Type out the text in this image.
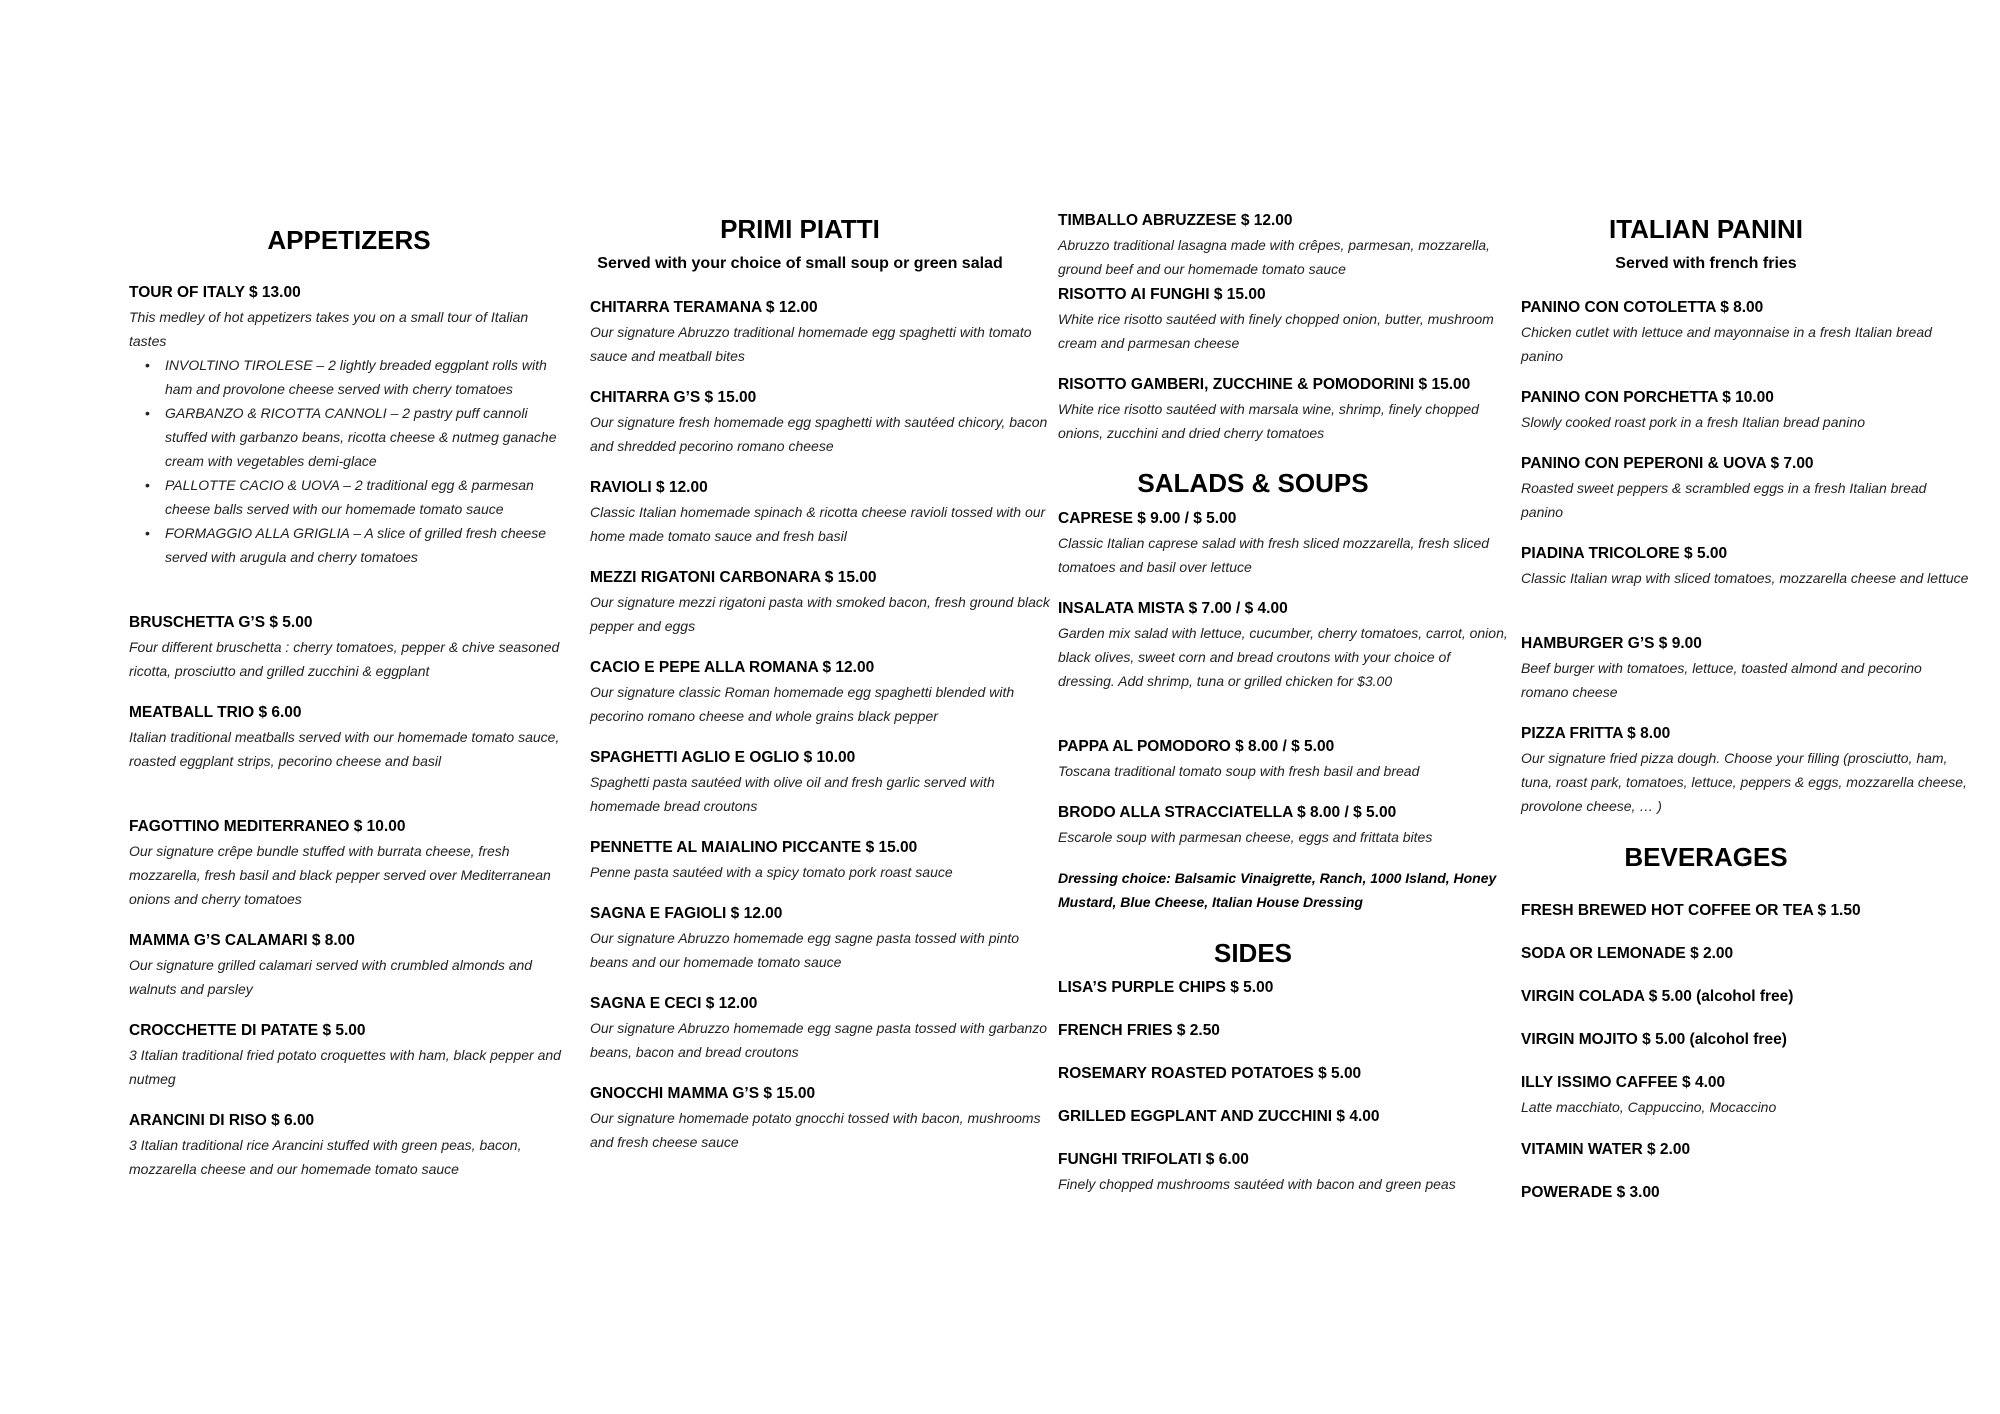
APPETIZERS
TOUR OF ITALY $ 13.00
This medley of hot appetizers takes you on a small tour of Italian tastes
• INVOLTINO TIROLESE – 2 lightly breaded eggplant rolls with ham and provolone cheese served with cherry tomatoes
• GARBANZO & RICOTTA CANNOLI – 2 pastry puff cannoli stuffed with garbanzo beans, ricotta cheese & nutmeg ganache cream with vegetables demi-glace
• PALLOTTE CACIO & UOVA – 2 traditional egg & parmesan cheese balls served with our homemade tomato sauce
• FORMAGGIO ALLA GRIGLIA – A slice of grilled fresh cheese served with arugula and cherry tomatoes
BRUSCHETTA G’S $ 5.00
Four different bruschetta : cherry tomatoes, pepper & chive seasoned ricotta, prosciutto and grilled zucchini & eggplant
MEATBALL TRIO $ 6.00
Italian traditional meatballs served with our homemade tomato sauce, roasted eggplant strips, pecorino cheese and basil
FAGOTTINO MEDITERRANEO $ 10.00
Our signature crêpe bundle stuffed with burrata cheese, fresh mozzarella, fresh basil and black pepper served over Mediterranean onions and cherry tomatoes
MAMMA G’S CALAMARI $ 8.00
Our signature grilled calamari served with crumbled almonds and walnuts and parsley
CROCCHETTE DI PATATE $ 5.00
3 Italian traditional fried potato croquettes with ham, black pepper and nutmeg
ARANCINI DI RISO $ 6.00
3 Italian traditional rice Arancini stuffed with green peas, bacon, mozzarella cheese and our homemade tomato sauce
PRIMI PIATTI
Served with your choice of small soup or green salad
CHITARRA TERAMANA $ 12.00
Our signature Abruzzo traditional homemade egg spaghetti with tomato sauce and meatball bites
CHITARRA G’S $ 15.00
Our signature fresh homemade egg spaghetti with sautéed chicory, bacon and shredded pecorino romano cheese
RAVIOLI $ 12.00
Classic Italian homemade spinach & ricotta cheese ravioli tossed with our home made tomato sauce and fresh basil
MEZZI RIGATONI CARBONARA $ 15.00
Our signature mezzi rigatoni pasta with smoked bacon, fresh ground black pepper and eggs
CACIO E PEPE ALLA ROMANA $ 12.00
Our signature classic Roman homemade egg spaghetti blended with pecorino romano cheese and whole grains black pepper
SPAGHETTI AGLIO E OGLIO $ 10.00
Spaghetti pasta sautéed with olive oil and fresh garlic served with homemade bread croutons
PENNETTE AL MAIALINO PICCANTE $ 15.00
Penne pasta sautéed with a spicy tomato pork roast sauce
SAGNA E FAGIOLI $ 12.00
Our signature Abruzzo homemade egg sagne pasta tossed with pinto beans and our homemade tomato sauce
SAGNA E CECI $ 12.00
Our signature Abruzzo homemade egg sagne pasta tossed with garbanzo beans, bacon and bread croutons
GNOCCHI MAMMA G’S $ 15.00
Our signature homemade potato gnocchi tossed with bacon, mushrooms and fresh cheese sauce
TIMBALLO ABRUZZESE $ 12.00
Abruzzo traditional lasagna made with crêpes, parmesan, mozzarella, ground beef and our homemade tomato sauce
RISOTTO AI FUNGHI $ 15.00
White rice risotto sautéed with finely chopped onion, butter, mushroom cream and parmesan cheese
RISOTTO GAMBERI, ZUCCHINE & POMODORINI $ 15.00
White rice risotto sautéed with marsala wine, shrimp, finely chopped onions, zucchini and dried cherry tomatoes
SALADS & SOUPS
CAPRESE $ 9.00 / $ 5.00
Classic Italian caprese salad with fresh sliced mozzarella, fresh sliced tomatoes and basil over lettuce
INSALATA MISTA $ 7.00 / $ 4.00
Garden mix salad with lettuce, cucumber, cherry tomatoes, carrot, onion, black olives, sweet corn and bread croutons with your choice of dressing. Add shrimp, tuna or grilled chicken for $3.00
PAPPA AL POMODORO $ 8.00 / $ 5.00
Toscana traditional tomato soup with fresh basil and bread
BRODO ALLA STRACCIATELLA $ 8.00 / $ 5.00
Escarole soup with parmesan cheese, eggs and frittata bites
Dressing choice: Balsamic Vinaigrette, Ranch, 1000 Island, Honey Mustard, Blue Cheese, Italian House Dressing
SIDES
LISA’S PURPLE CHIPS $ 5.00
FRENCH FRIES $ 2.50
ROSEMARY ROASTED POTATOES $ 5.00
GRILLED EGGPLANT AND ZUCCHINI $ 4.00
FUNGHI TRIFOLATI $ 6.00
Finely chopped mushrooms sautéed with bacon and green peas
ITALIAN PANINI
Served with french fries
PANINO CON COTOLETTA $ 8.00
Chicken cutlet with lettuce and mayonnaise in a fresh Italian bread panino
PANINO CON PORCHETTA $ 10.00
Slowly cooked roast pork in a fresh Italian bread panino
PANINO CON PEPERONI & UOVA $ 7.00
Roasted sweet peppers & scrambled eggs in a fresh Italian bread panino
PIADINA TRICOLORE $ 5.00
Classic Italian wrap with sliced tomatoes, mozzarella cheese and lettuce
HAMBURGER G’S $ 9.00
Beef burger with tomatoes, lettuce, toasted almond and pecorino romano cheese
PIZZA FRITTA $ 8.00
Our signature fried pizza dough. Choose your filling (prosciutto, ham, tuna, roast park, tomatoes, lettuce, peppers & eggs, mozzarella cheese, provolone cheese, … )
BEVERAGES
FRESH BREWED HOT COFFEE OR TEA $ 1.50
SODA OR LEMONADE $ 2.00
VIRGIN COLADA $ 5.00 (alcohol free)
VIRGIN MOJITO $ 5.00 (alcohol free)
ILLY ISSIMO CAFFEE $ 4.00
Latte macchiato, Cappuccino, Mocaccino
VITAMIN WATER $ 2.00
POWERADE $ 3.00
